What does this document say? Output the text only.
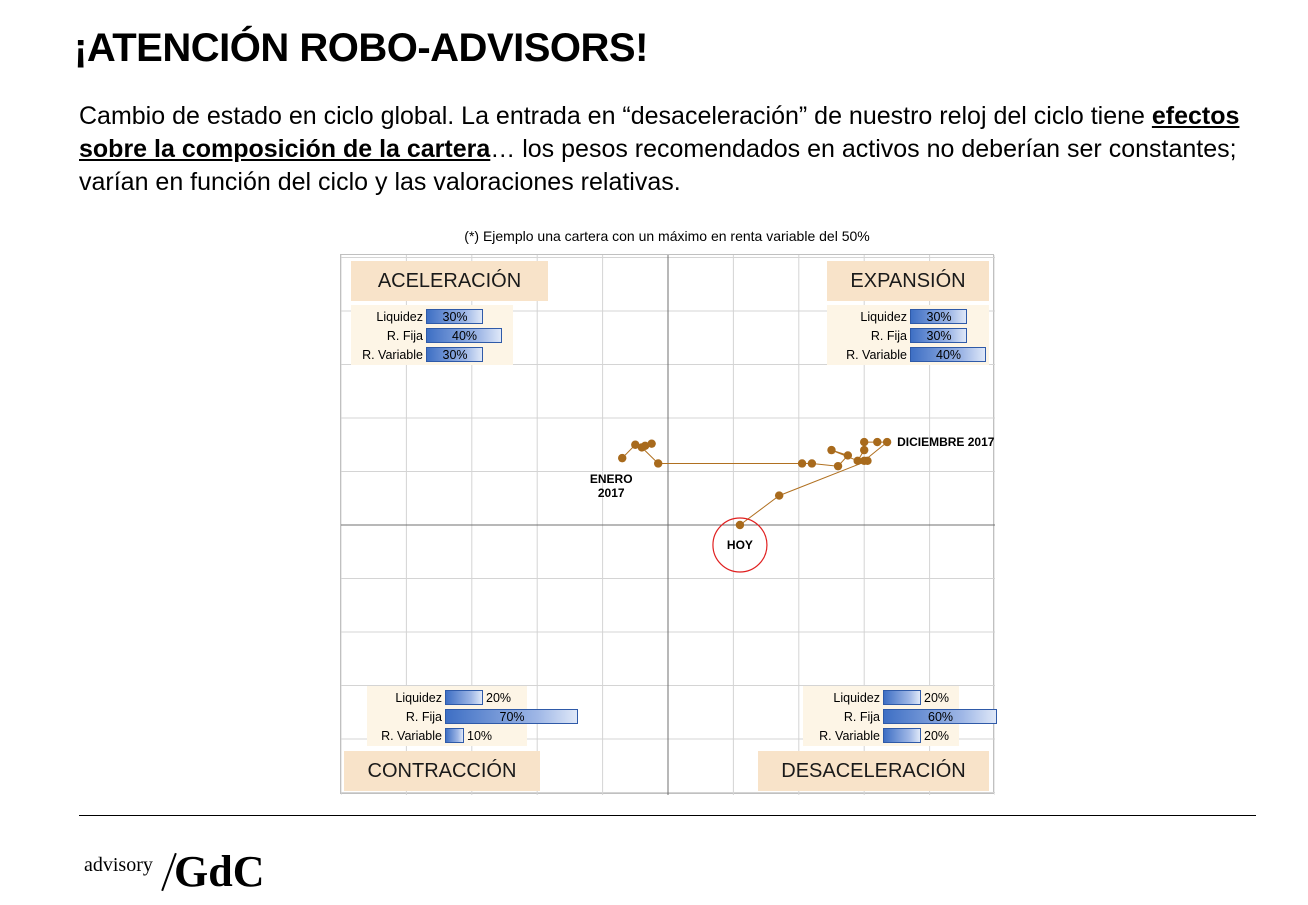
¡ATENCIÓN ROBO-ADVISORS!
Cambio de estado en ciclo global. La entrada en “desaceleración” de nuestro reloj del ciclo tiene efectos sobre la composición de la cartera… los pesos recomendados en activos no deberían ser constantes; varían en función del ciclo y las valoraciones relativas.
(*) Ejemplo una cartera con un máximo en renta variable del 50%
ENERO
2017
DICIEMBRE 2017
HOY
ACELERACIÓN	EXPANSIÓN
CONTRACCIÓN	DESACELERACIÓN
Liquidez 30%
R. Fija 40%
R. Variable 30%
Liquidez 30%
R. Fija 30%
R. Variable 40%
Liquidez	20%
R. Fija	70%
R. Variable 10%
Liquidez	20%
R. Fija	60%
R. Variable	20%
advisory GdC
